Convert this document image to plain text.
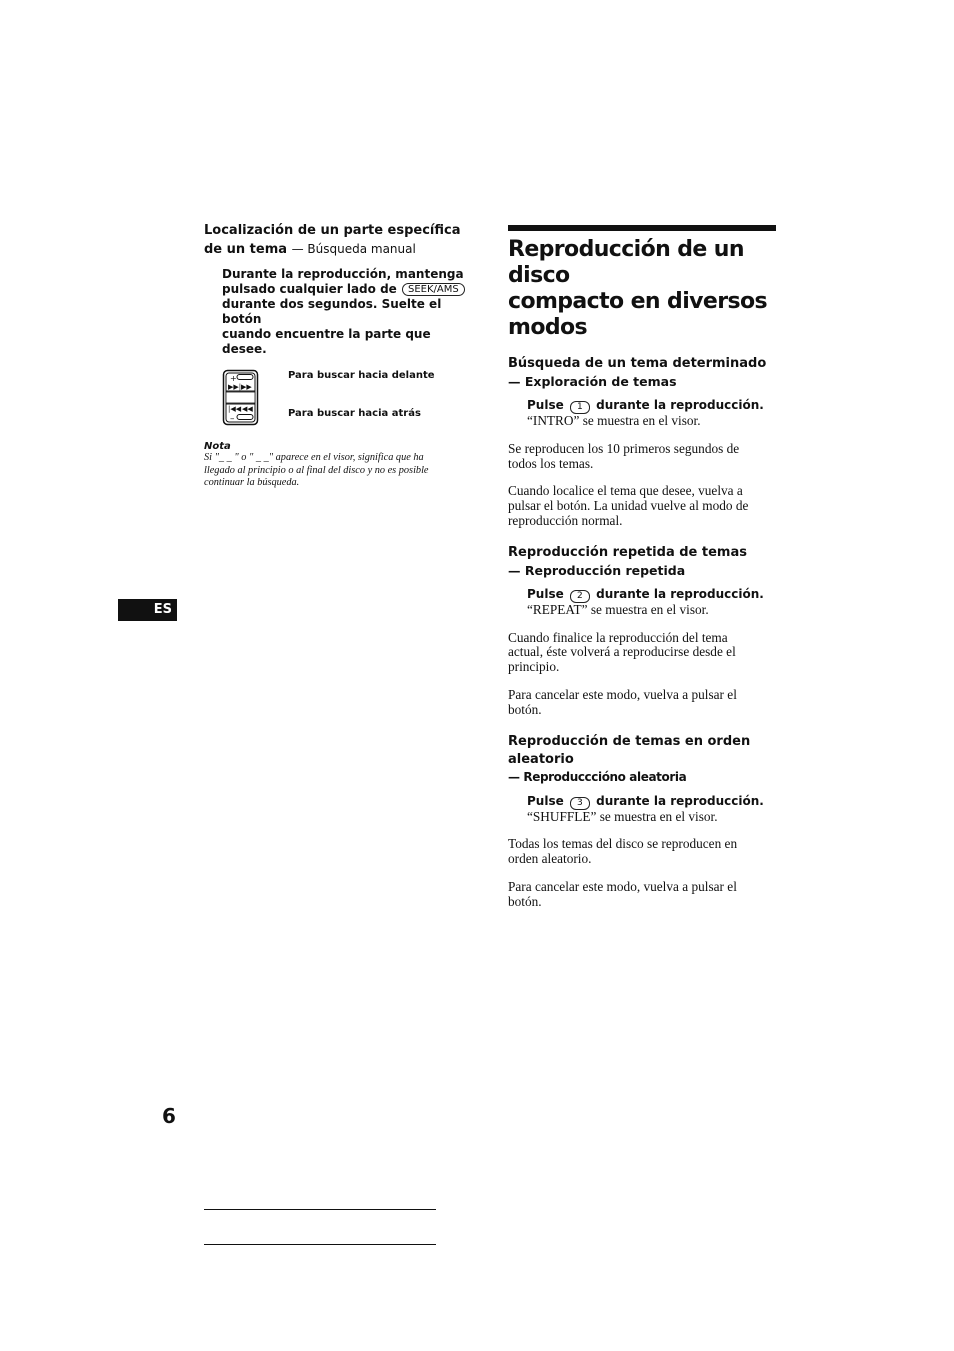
Localización de un parte específica
de un tema — Búsqueda manual

Durante la reproducción, mantenga

pulsado cualquier lado de SEEK/AMS

durante dos segundos. Suelte el botón

cuando encuentre la parte que desee.

+
▶▶| ▶▶
|◀◀ ◀◀
–
Para buscar hacia delante
Para buscar hacia atrás

Nota

Si "_ _ " o " _ _" aparece en el visor, significa que ha

llegado al principio o al final del disco y no es posible

continuar la búsqueda.

Reproducción de un disco
compacto en diversos
modos

Búsqueda de un tema determinado

— Exploración de temas

Pulse 1 durante la reproducción.

“INTRO” se muestra en el visor.

Se reproducen los 10 primeros segundos de

todos los temas.

Cuando localice el tema que desee, vuelva a

pulsar el botón. La unidad vuelve al modo de

reproducción normal.

Reproducción repetida de temas

— Reproducción repetida

Pulse 2 durante la reproducción.

“REPEAT” se muestra en el visor.

Cuando finalice la reproducción del tema

actual, éste volverá a reproducirse desde el

principio.

Para cancelar este modo, vuelva a pulsar el

botón.

Reproducción de temas en orden
aleatorio

— Reproducccióno aleatoria

Pulse 3 durante la reproducción.

“SHUFFLE” se muestra en el visor.

Todas los temas del disco se reproducen en

orden aleatorio.

Para cancelar este modo, vuelva a pulsar el

botón.

ES
6
